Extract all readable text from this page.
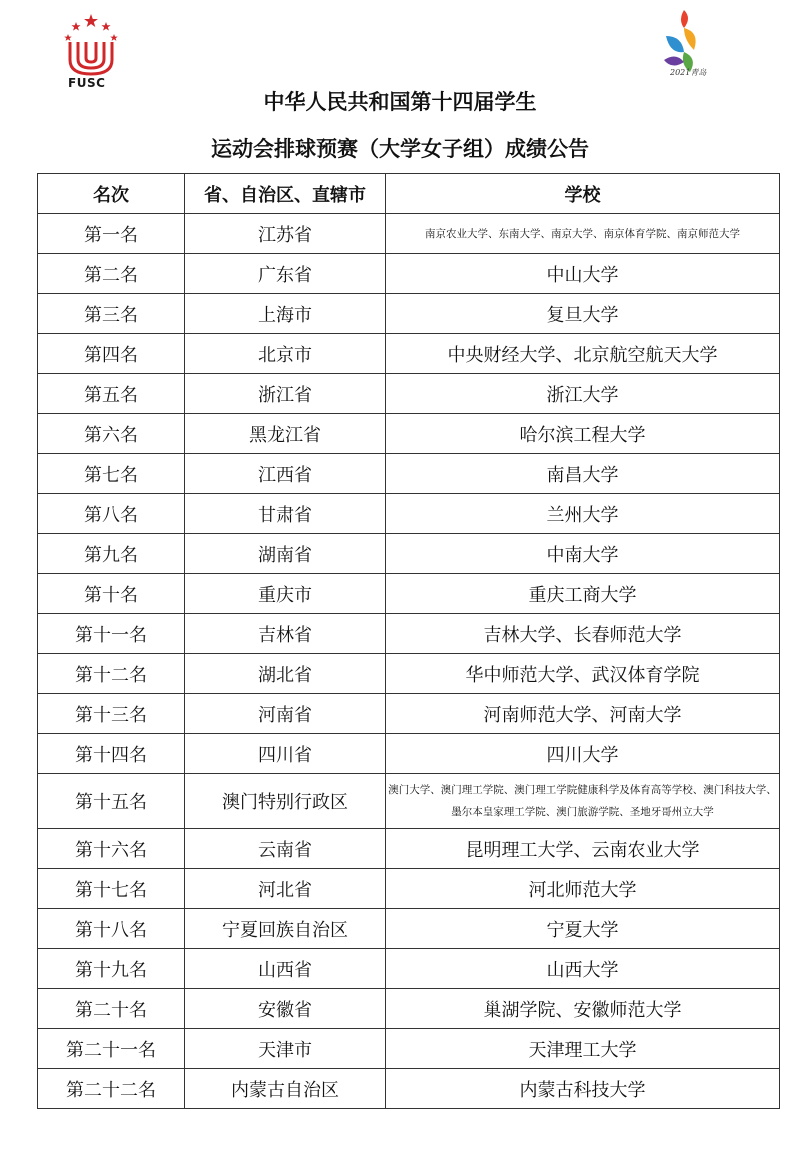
FUSC
2021青岛
中华人民共和国第十四届学生
运动会排球预赛（大学女子组）成绩公告
名次	省、自治区、直辖市	学校
第一名	江苏省	南京农业大学、东南大学、南京大学、南京体育学院、南京师范大学
第二名	广东省	中山大学
第三名	上海市	复旦大学
第四名	北京市	中央财经大学、北京航空航天大学
第五名	浙江省	浙江大学
第六名	黑龙江省	哈尔滨工程大学
第七名	江西省	南昌大学
第八名	甘肃省	兰州大学
第九名	湖南省	中南大学
第十名	重庆市	重庆工商大学
第十一名	吉林省	吉林大学、长春师范大学
第十二名	湖北省	华中师范大学、武汉体育学院
第十三名	河南省	河南师范大学、河南大学
第十四名	四川省	四川大学
第十五名	澳门特别行政区	澳门大学、澳门理工学院、澳门理工学院健康科学及体育高等学校、澳门科技大学、墨尔本皇家理工学院、澳门旅游学院、圣地牙哥州立大学
第十六名	云南省	昆明理工大学、云南农业大学
第十七名	河北省	河北师范大学
第十八名	宁夏回族自治区	宁夏大学
第十九名	山西省	山西大学
第二十名	安徽省	巢湖学院、安徽师范大学
第二十一名	天津市	天津理工大学
第二十二名	内蒙古自治区	内蒙古科技大学
